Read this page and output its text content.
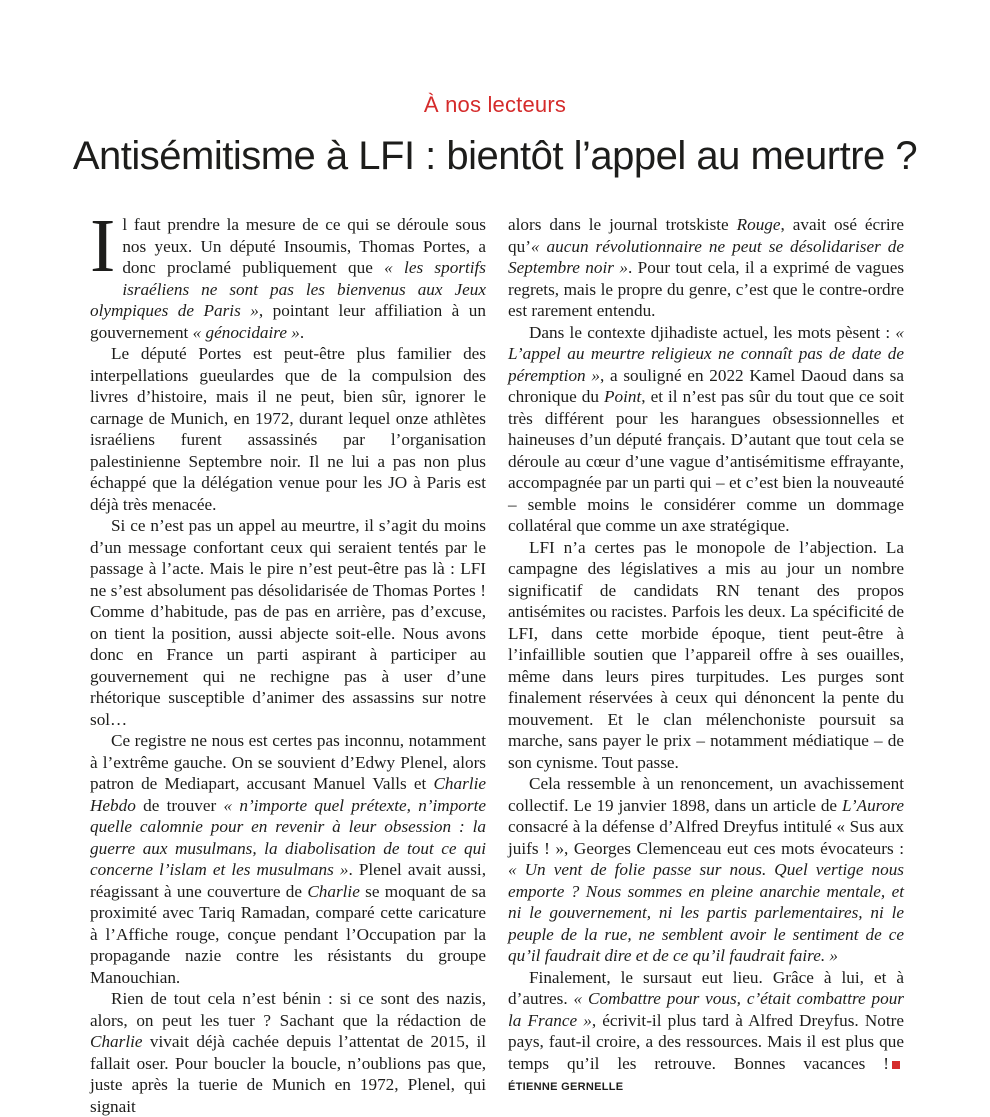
À nos lecteurs
Antisémitisme à LFI : bientôt l’appel au meurtre ?

Il faut prendre la mesure de ce qui se déroule sous nos yeux. Un député Insoumis, Thomas Portes, a donc proclamé publiquement que « les sportifs israéliens ne sont pas les bienvenus aux Jeux olympiques de Paris », pointant leur affiliation à un gouvernement « génocidaire ».

Le député Portes est peut-être plus familier des interpellations gueulardes que de la compulsion des livres d’histoire, mais il ne peut, bien sûr, ignorer le carnage de Munich, en 1972, durant lequel onze athlètes israéliens furent assassinés par l’organisation palestinienne Septembre noir. Il ne lui a pas non plus échappé que la délégation venue pour les JO à Paris est déjà très menacée.

Si ce n’est pas un appel au meurtre, il s’agit du moins d’un message confortant ceux qui seraient tentés par le passage à l’acte. Mais le pire n’est peut-être pas là : LFI ne s’est absolument pas désolidarisée de Thomas Portes ! Comme d’habitude, pas de pas en arrière, pas d’excuse, on tient la position, aussi abjecte soit-elle. Nous avons donc en France un parti aspirant à participer au gouvernement qui ne rechigne pas à user d’une rhétorique susceptible d’animer des assassins sur notre sol…

Ce registre ne nous est certes pas inconnu, notamment à l’extrême gauche. On se souvient d’Edwy Plenel, alors patron de Mediapart, accusant Manuel Valls et Charlie Hebdo de trouver « n’importe quel prétexte, n’importe quelle calomnie pour en revenir à leur obsession : la guerre aux musulmans, la diabolisation de tout ce qui concerne l’islam et les musulmans ». Plenel avait aussi, réagissant à une couverture de Charlie se moquant de sa proximité avec Tariq Ramadan, comparé cette caricature à l’Affiche rouge, conçue pendant l’Occupation par la propagande nazie contre les résistants du groupe Manouchian.

Rien de tout cela n’est bénin : si ce sont des nazis, alors, on peut les tuer ? Sachant que la rédaction de Charlie vivait déjà cachée depuis l’attentat de 2015, il fallait oser. Pour boucler la boucle, n’oublions pas que, juste après la tuerie de Munich en 1972, Plenel, qui signait

alors dans le journal trotskiste Rouge, avait osé écrire qu’« aucun révolutionnaire ne peut se désolidariser de Septembre noir ». Pour tout cela, il a exprimé de vagues regrets, mais le propre du genre, c’est que le contre-ordre est rarement entendu.

Dans le contexte djihadiste actuel, les mots pèsent : « L’appel au meurtre religieux ne connaît pas de date de péremption », a souligné en 2022 Kamel Daoud dans sa chronique du Point, et il n’est pas sûr du tout que ce soit très différent pour les harangues obsessionnelles et haineuses d’un député français. D’autant que tout cela se déroule au cœur d’une vague d’antisémitisme effrayante, accompagnée par un parti qui – et c’est bien la nouveauté – semble moins le considérer comme un dommage collatéral que comme un axe stratégique.

LFI n’a certes pas le monopole de l’abjection. La campagne des législatives a mis au jour un nombre significatif de candidats RN tenant des propos antisémites ou racistes. Parfois les deux. La spécificité de LFI, dans cette morbide époque, tient peut-être à l’infaillible soutien que l’appareil offre à ses ouailles, même dans leurs pires turpitudes. Les purges sont finalement réservées à ceux qui dénoncent la pente du mouvement. Et le clan mélenchoniste poursuit sa marche, sans payer le prix – notamment médiatique – de son cynisme. Tout passe.

Cela ressemble à un renoncement, un avachissement collectif. Le 19 janvier 1898, dans un article de L’Aurore consacré à la défense d’Alfred Dreyfus intitulé « Sus aux juifs ! », Georges Clemenceau eut ces mots évocateurs : « Un vent de folie passe sur nous. Quel vertige nous emporte ? Nous sommes en pleine anarchie mentale, et ni le gouvernement, ni les partis parlementaires, ni le peuple de la rue, ne semblent avoir le sentiment de ce qu’il faudrait dire et de ce qu’il faudrait faire. »

Finalement, le sursaut eut lieu. Grâce à lui, et à d’autres. « Combattre pour vous, c’était combattre pour la France », écrivit-il plus tard à Alfred Dreyfus. Notre pays, faut-il croire, a des ressources. Mais il est plus que temps qu’il les retrouve. Bonnes vacances !ÉTIENNE GERNELLE
